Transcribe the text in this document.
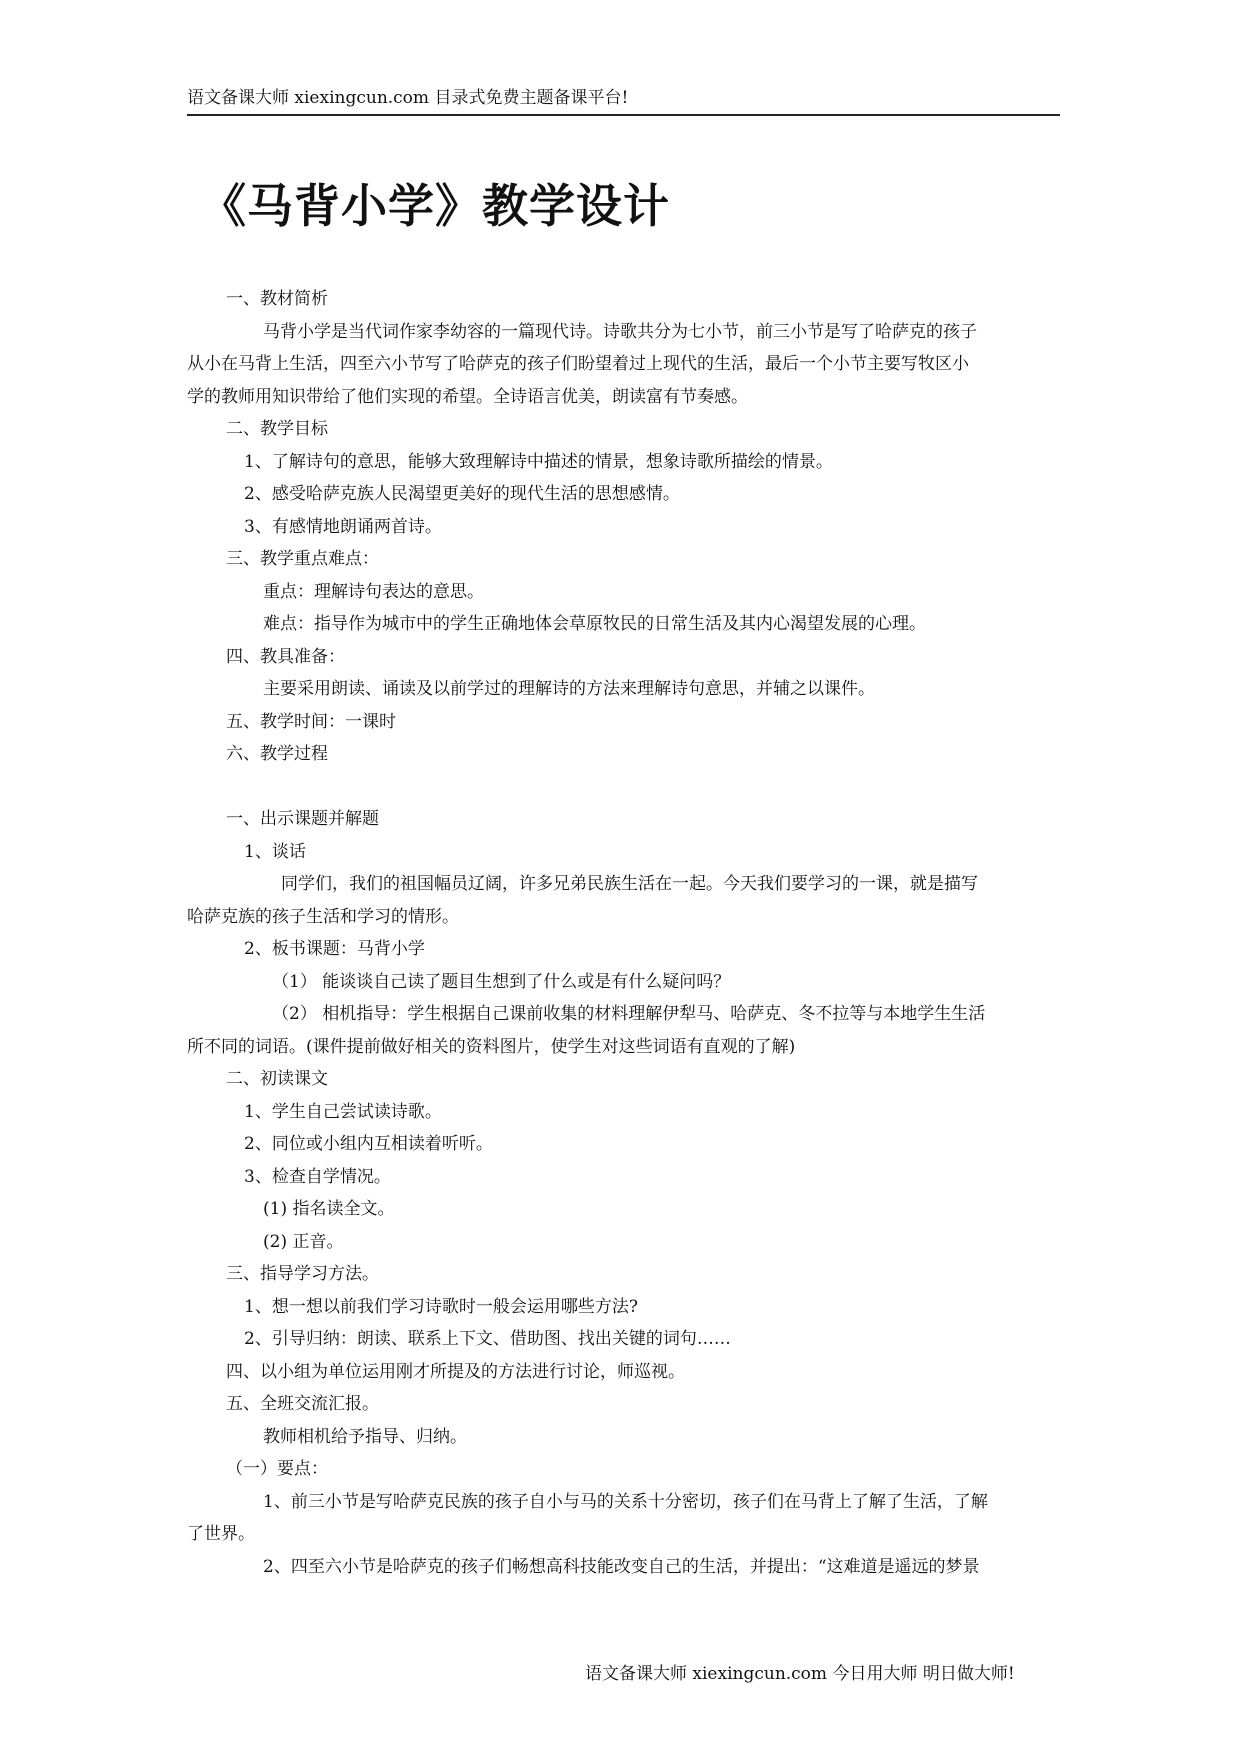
语文备课大师 xiexingcun.com 目录式免费主题备课平台!
《马背小学》教学设计
一、教材简析
马背小学是当代词作家李幼容的一篇现代诗。诗歌共分为七小节，前三小节是写了哈萨克的孩子
从小在马背上生活，四至六小节写了哈萨克的孩子们盼望着过上现代的生活，最后一个小节主要写牧区小
学的教师用知识带给了他们实现的希望。全诗语言优美，朗读富有节奏感。
二、教学目标
1、了解诗句的意思，能够大致理解诗中描述的情景，想象诗歌所描绘的情景。
2、感受哈萨克族人民渴望更美好的现代生活的思想感情。
3、有感情地朗诵两首诗。
三、教学重点难点：
重点：理解诗句表达的意思。
难点：指导作为城市中的学生正确地体会草原牧民的日常生活及其内心渴望发展的心理。
四、教具准备：
主要采用朗读、诵读及以前学过的理解诗的方法来理解诗句意思，并辅之以课件。
五、教学时间：一课时
六、教学过程
一、出示课题并解题
1、谈话
同学们，我们的祖国幅员辽阔，许多兄弟民族生活在一起。今天我们要学习的一课，就是描写
哈萨克族的孩子生活和学习的情形。
2、板书课题：马背小学
（1） 能谈谈自己读了题目生想到了什么或是有什么疑问吗？
（2） 相机指导：学生根据自己课前收集的材料理解伊犁马、哈萨克、冬不拉等与本地学生生活
所不同的词语。(课件提前做好相关的资料图片，使学生对这些词语有直观的了解)
二、初读课文
1、学生自己尝试读诗歌。
2、同位或小组内互相读着听听。
3、检查自学情况。
(1) 指名读全文。
(2) 正音。
三、指导学习方法。
1、想一想以前我们学习诗歌时一般会运用哪些方法?
2、引导归纳：朗读、联系上下文、借助图、找出关键的词句……
四、以小组为单位运用刚才所提及的方法进行讨论，师巡视。
五、全班交流汇报。
教师相机给予指导、归纳。
（一）要点：
1、前三小节是写哈萨克民族的孩子自小与马的关系十分密切，孩子们在马背上了解了生活，了解
了世界。
2、四至六小节是哈萨克的孩子们畅想高科技能改变自己的生活，并提出：“这难道是遥远的梦景
语文备课大师 xiexingcun.com 今日用大师 明日做大师!
